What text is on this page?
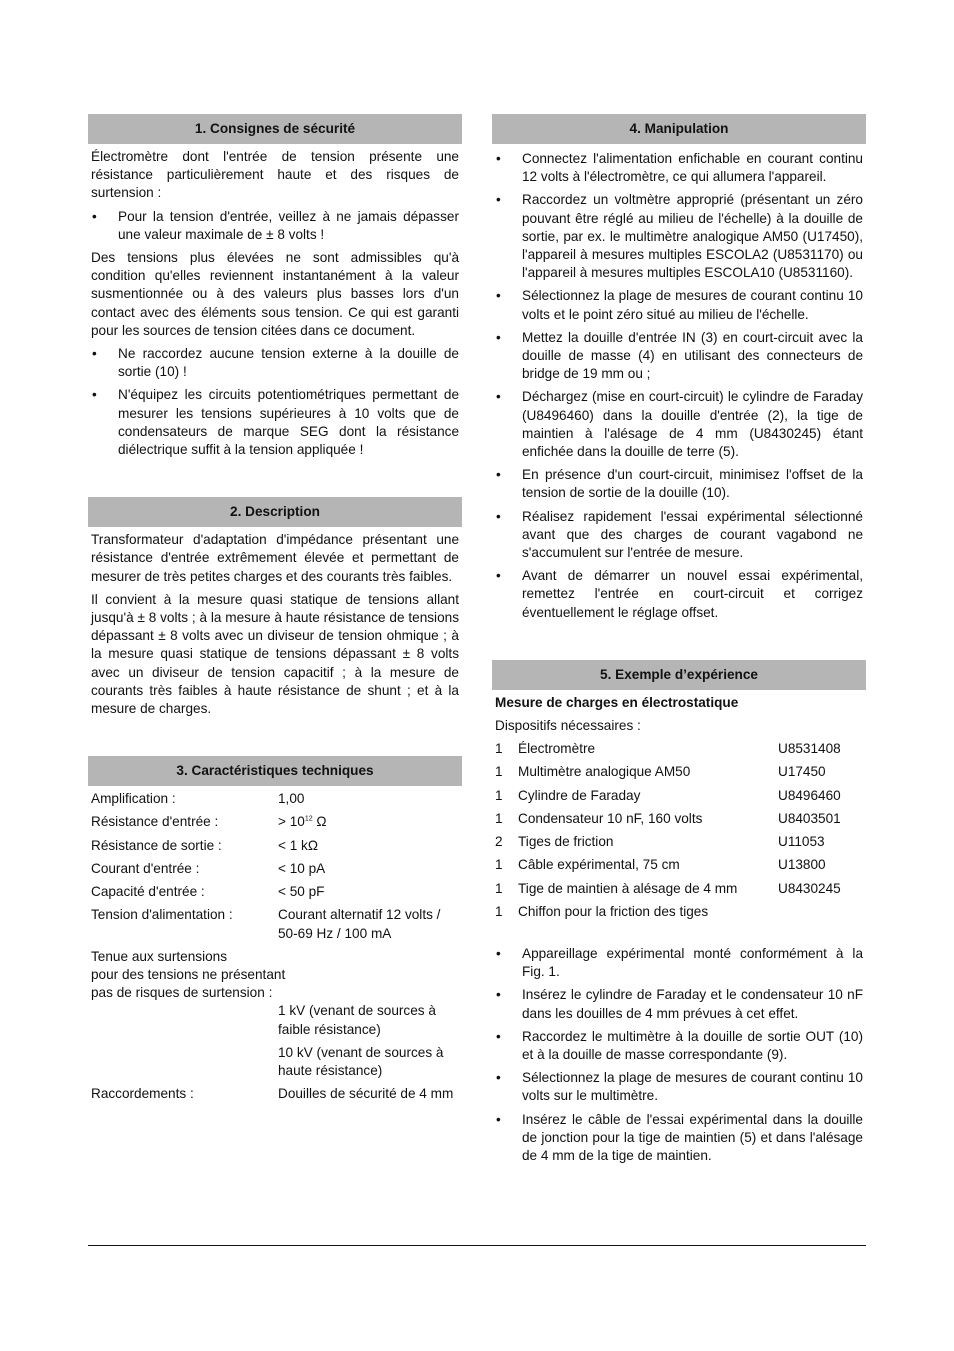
1. Consignes de sécurité

Électromètre dont l'entrée de tension présente une résistance particulièrement haute et des risques de surtension :

• Pour la tension d'entrée, veillez à ne jamais dépasser une valeur maximale de ± 8 volts !

Des tensions plus élevées ne sont admissibles qu'à condition qu'elles reviennent instantanément à la valeur susmentionnée ou à des valeurs plus basses lors d'un contact avec des éléments sous tension. Ce qui est garanti pour les sources de tension citées dans ce document.

• Ne raccordez aucune tension externe à la douille de sortie (10) !
• N'équipez les circuits potentiométriques permettant de mesurer les tensions supérieures à 10 volts que de condensateurs de marque SEG dont la résistance diélectrique suffit à la tension appliquée !
2. Description

Transformateur d'adaptation d'impédance présentant une résistance d'entrée extrêmement élevée et permettant de mesurer de très petites charges et des courants très faibles.

Il convient à la mesure quasi statique de tensions allant jusqu'à ± 8 volts ; à la mesure à haute résistance de tensions dépassant ± 8 volts avec un diviseur de tension ohmique ; à la mesure quasi statique de tensions dépassant ± 8 volts avec un diviseur de tension capacitif ; à la mesure de courants très faibles à haute résistance de shunt ; et à la mesure de charges.

3. Caractéristiques techniques
Amplification :	1,00
Résistance d'entrée :	> $10^{12}$ Ω
Résistance de sortie :	< 1 kΩ
Courant d'entrée :	< 10 pA
Capacité d'entrée :	< 50 pF
Tension d'alimentation :	Courant alternatif 12 volts / 50-69 Hz / 100 mA
Tenue aux surtensions
pour des tensions ne présentant
pas de risques de surtension :
1 kV (venant de sources à faible résistance)
10 kV (venant de sources à haute résistance)
Raccordements :	Douilles de sécurité de 4 mm
4. Manipulation
• Connectez l'alimentation enfichable en courant continu 12 volts à l'électromètre, ce qui allumera l'appareil.
• Raccordez un voltmètre approprié (présentant un zéro pouvant être réglé au milieu de l'échelle) à la douille de sortie, par ex. le multimètre analogique AM50 (U17450), l'appareil à mesures multiples ESCOLA2 (U8531170) ou l'appareil à mesures multiples ESCOLA10 (U8531160).
• Sélectionnez la plage de mesures de courant continu 10 volts et le point zéro situé au milieu de l'échelle.
• Mettez la douille d'entrée IN (3) en court-circuit avec la douille de masse (4) en utilisant des connecteurs de bridge de 19 mm ou ;
• Déchargez (mise en court-circuit) le cylindre de Faraday (U8496460) dans la douille d'entrée (2), la tige de maintien à l'alésage de 4 mm (U8430245) étant enfichée dans la douille de terre (5).
• En présence d'un court-circuit, minimisez l'offset de la tension de sortie de la douille (10).
• Réalisez rapidement l'essai expérimental sélectionné avant que des charges de courant vagabond ne s'accumulent sur l'entrée de mesure.
• Avant de démarrer un nouvel essai expérimental, remettez l'entrée en court-circuit et corrigez éventuellement le réglage offset.
5. Exemple d’expérience

Mesure de charges en électrostatique

Dispositifs nécessaires :

1	Électromètre	U8531408
1	Multimètre analogique AM50	U17450
1	Cylindre de Faraday	U8496460
1	Condensateur 10 nF, 160 volts	U8403501
2	Tiges de friction	U11053
1	Câble expérimental, 75 cm	U13800
1	Tige de maintien à alésage de 4 mm	U8430245
1	Chiffon pour la friction des tiges	
• Appareillage expérimental monté conformément à la Fig. 1.
• Insérez le cylindre de Faraday et le condensateur 10 nF dans les douilles de 4 mm prévues à cet effet.
• Raccordez le multimètre à la douille de sortie OUT (10) et à la douille de masse correspondante (9).
• Sélectionnez la plage de mesures de courant continu 10 volts sur le multimètre.
• Insérez le câble de l'essai expérimental dans la douille de jonction pour la tige de maintien (5) et dans l'alésage de 4 mm de la tige de maintien.
